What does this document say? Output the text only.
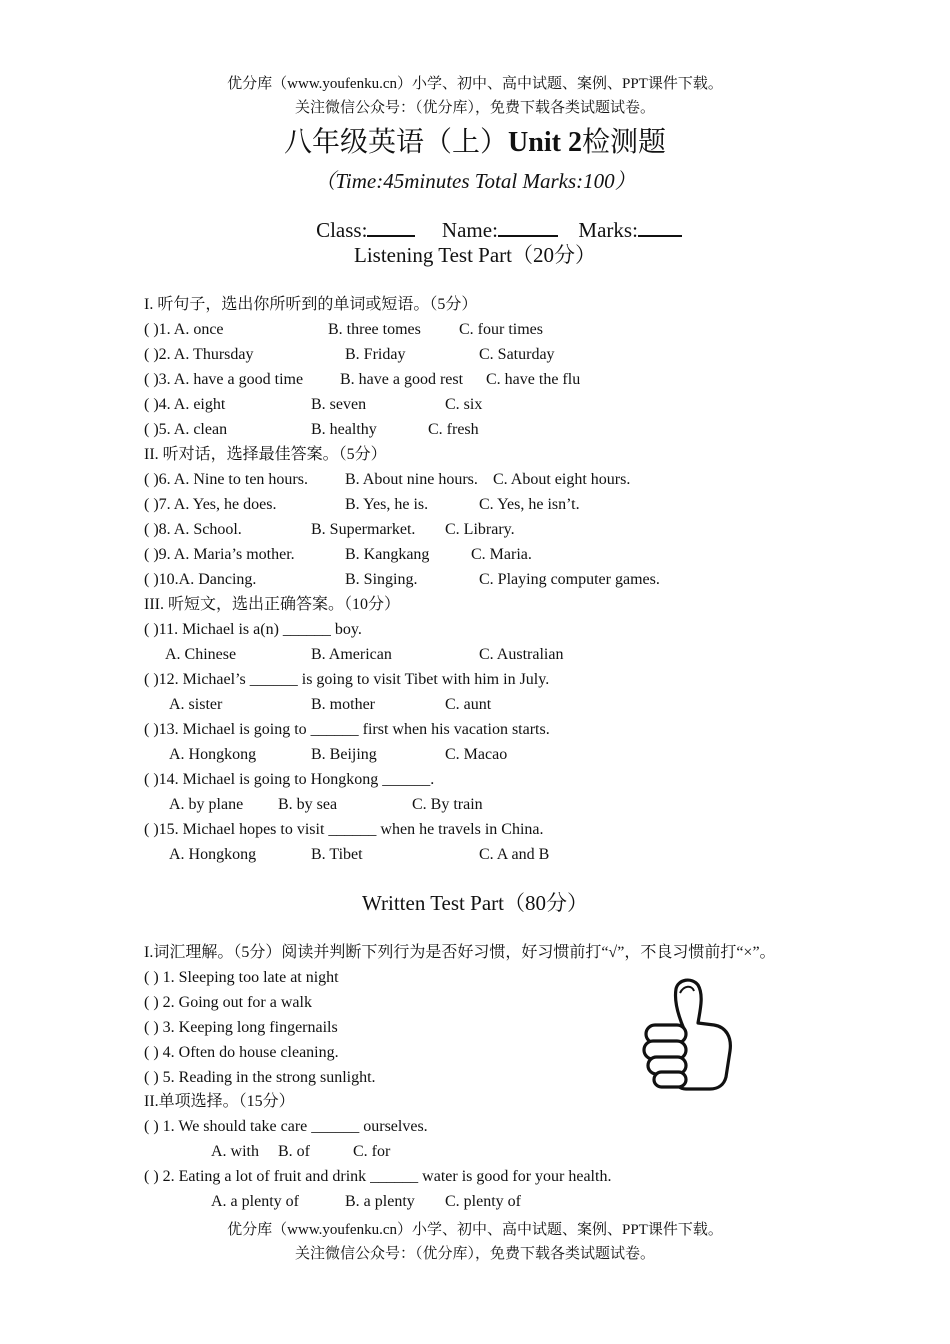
优分库（www.youfenku.cn）小学、初中、高中试题、案例、PPT课件下载。
关注微信公众号：（优分库），免费下载各类试题试卷。
八年级英语（上）Unit 2检测题
（Time:45minutes Total Marks:100）
Class:	Name:	Marks:
Listening Test Part（20分）
I. 听句子，选出你所听到的单词或短语。（5分）
( )1. A. once	B. three tomes C. four times
( )2. A. Thursday	B. Friday	C. Saturday
( )3. A. have a good time B. have a good rest C. have the flu
( )4. A. eight	B. seven	C. six
( )5. A. clean	B. healthy	C. fresh
II. 听对话，选择最佳答案。（5分）
( )6. A. Nine to ten hours. B. About nine hours. C. About eight hours.
( )7. A. Yes, he does.	B. Yes, he is.	C. Yes, he isn’t.
( )8. A. School.	B. Supermarket. C. Library.
( )9. A. Maria’s mother.	B. Kangkang	C. Maria.
( )10.A. Dancing.	B. Singing.	C. Playing computer games.
III. 听短文，选出正确答案。（10分）
( )11. Michael is a(n) ______ boy.
A. Chinese	B. American	C. Australian
( )12. Michael’s ______ is going to visit Tibet with him in July.
A. sister	B. mother	C. aunt
( )13. Michael is going to ______ first when his vacation starts.
A. Hongkong	B. Beijing	C. Macao
( )14. Michael is going to Hongkong ______.
A. by plane B. by sea	C. By train
( )15. Michael hopes to visit ______ when he travels in China.
A. Hongkong	B. Tibet	C. A and B
Written Test Part（80分）
I.词汇理解。（5分）阅读并判断下列行为是否好习惯，好习惯前打“√”，不良习惯前打“×”。
( ) 1. Sleeping too late at night
( ) 2. Going out for a walk
( ) 3. Keeping long fingernails
( ) 4. Often do house cleaning.
( ) 5. Reading in the strong sunlight.
II.单项选择。（15分）
( ) 1. We should take care ______ ourselves.
A. with B. of	C. for
( ) 2. Eating a lot of fruit and drink ______ water is good for your health.
A. a plenty of	B. a plenty C. plenty of
优分库（www.youfenku.cn）小学、初中、高中试题、案例、PPT课件下载。
关注微信公众号：（优分库），免费下载各类试题试卷。
